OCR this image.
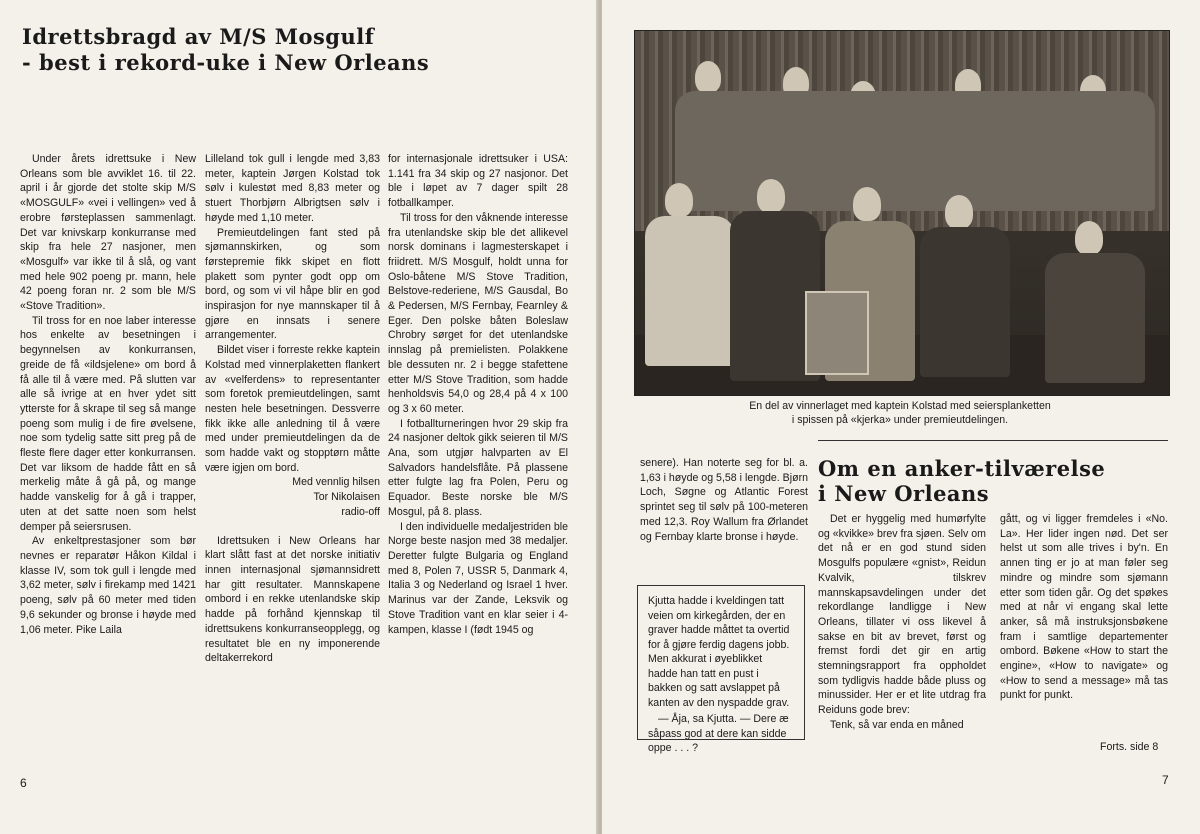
Idrettsbragd av M/S Mosgulf
- best i rekord-uke i New Orleans

Under årets idrettsuke i New Orleans som ble avviklet 16. til 22. april i år gjorde det stolte skip M/S «MOSGULF» «vei i vellingen» ved å erobre førsteplassen sammenlagt. Det var knivskarp konkurranse med skip fra hele 27 nasjoner, men «Mosgulf» var ikke til å slå, og vant med hele 902 poeng pr. mann, hele 42 poeng foran nr. 2 som ble M/S «Stove Tradition».

Til tross for en noe laber interesse hos enkelte av besetningen i begynnelsen av konkurransen, greide de få «ildsjelene» om bord å få alle til å være med. På slutten var alle så ivrige at en hver ydet sitt ytterste for å skrape til seg så mange poeng som mulig i de fire øvelsene, noe som tydelig satte sitt preg på de fleste flere dager etter konkurransen. Det var liksom de hadde fått en så merkelig måte å gå på, og mange hadde vanskelig for å gå i trapper, uten at det satte noen som helst demper på seiersrusen.

Av enkeltprestasjoner som bør nevnes er reparatør Håkon Kildal i klasse IV, som tok gull i lengde med 3,62 meter, sølv i firekamp med 1421 poeng, sølv på 60 meter med tiden 9,6 sekunder og bronse i høyde med 1,06 meter. Pike Laila

Lilleland tok gull i lengde med 3,83 meter, kaptein Jørgen Kolstad tok sølv i kulestøt med 8,83 meter og stuert Thorbjørn Albrigtsen sølv i høyde med 1,10 meter.

Premieutdelingen fant sted på sjømannskirken, og som førstepremie fikk skipet en flott plakett som pynter godt opp om bord, og som vi vil håpe blir en god inspirasjon for nye mannskaper til å gjøre en innsats i senere arrangementer.

Bildet viser i forreste rekke kaptein Kolstad med vinnerplaketten flankert av «velferdens» to representanter som foretok premieutdelingen, samt nesten hele besetningen. Dessverre fikk ikke alle anledning til å være med under premieutdelingen da de som hadde vakt og stopptørn måtte være igjen om bord.

Med vennlig hilsen

Tor Nikolaisen

radio-off

Idrettsuken i New Orleans har klart slått fast at det norske initiativ innen internasjonal sjømannsidrett har gitt resultater. Mannskapene ombord i en rekke utenlandske skip hadde på forhånd kjennskap til idrettsukens konkurranseopplegg, og resultatet ble en ny imponerende deltakerrekord

for internasjonale idrettsuker i USA: 1.141 fra 34 skip og 27 nasjonor. Det ble i løpet av 7 dager spilt 28 fotballkamper.

Til tross for den våknende interesse fra utenlandske skip ble det allikevel norsk dominans i lagmesterskapet i friidrett. M/S Mosgulf, holdt unna for Oslo-båtene M/S Stove Tradition, Belstove-rederiene, M/S Gausdal, Bo & Pedersen, M/S Fernbay, Fearnley & Eger. Den polske båten Boleslaw Chrobry sørget for det utenlandske innslag på premielisten. Polakkene ble dessuten nr. 2 i begge stafettene etter M/S Stove Tradition, som hadde henholdsvis 54,0 og 28,4 på 4 x 100 og 3 x 60 meter.

I fotballturneringen hvor 29 skip fra 24 nasjoner deltok gikk seieren til M/S Ana, som utgjør halvparten av El Salvadors handelsflåte. På plassene etter fulgte lag fra Polen, Peru og Equador. Beste norske ble M/S Mosgul, på 8. plass.

I den individuelle medaljestriden ble Norge beste nasjon med 38 medaljer. Deretter fulgte Bulgaria og England med 8, Polen 7, USSR 5, Danmark 4, Italia 3 og Nederland og Israel 1 hver. Marinus var der Zande, Leksvik og Stove Tradition vant en klar seier i 4-kampen, klasse I (født 1945 og

6
En del av vinnerlaget med kaptein Kolstad med seiersplanketten
i spissen på «kjerka» under premieutdelingen.

senere). Han noterte seg for bl. a. 1,63 i høyde og 5,58 i lengde. Bjørn Loch, Søgne og Atlantic Forest sprintet seg til sølv på 100-meteren med 12,3. Roy Wallum fra Ørlandet og Fernbay klarte bronse i høyde.

Kjutta hadde i kveldingen tatt veien om kirkegården, der en graver hadde måttet ta overtid for å gjøre ferdig dagens jobb. Men akkurat i øyeblikket hadde han tatt en pust i bakken og satt avslappet på kanten av den nyspadde grav.

— Åja, sa Kjutta. — Dere æ såpass god at dere kan sidde oppe . . . ?

Om en anker-tilværelse
i New Orleans

Det er hyggelig med humørfylte og «kvikke» brev fra sjøen. Selv om det nå er en god stund siden Mosgulfs populære «gnist», Reidun Kvalvik, tilskrev mannskapsavdelingen under det rekordlange landligge i New Orleans, tillater vi oss likevel å sakse en bit av brevet, først og fremst fordi det gir en artig stemningsrapport fra oppholdet som tydligvis hadde både pluss og minussider. Her er et lite utdrag fra Reiduns gode brev:

Tenk, så var enda en måned

gått, og vi ligger fremdeles i «No. La». Her lider ingen nød. Det ser helst ut som alle trives i by'n. En annen ting er jo at man føler seg mindre og mindre som sjømann etter som tiden går. Og det spøkes med at når vi engang skal lette anker, så må instruksjonsbøkene fram i samtlige departementer ombord. Bøkene «How to start the engine», «How to navigate» og «How to send a message» må tas punkt for punkt.

Forts. side 8
7
